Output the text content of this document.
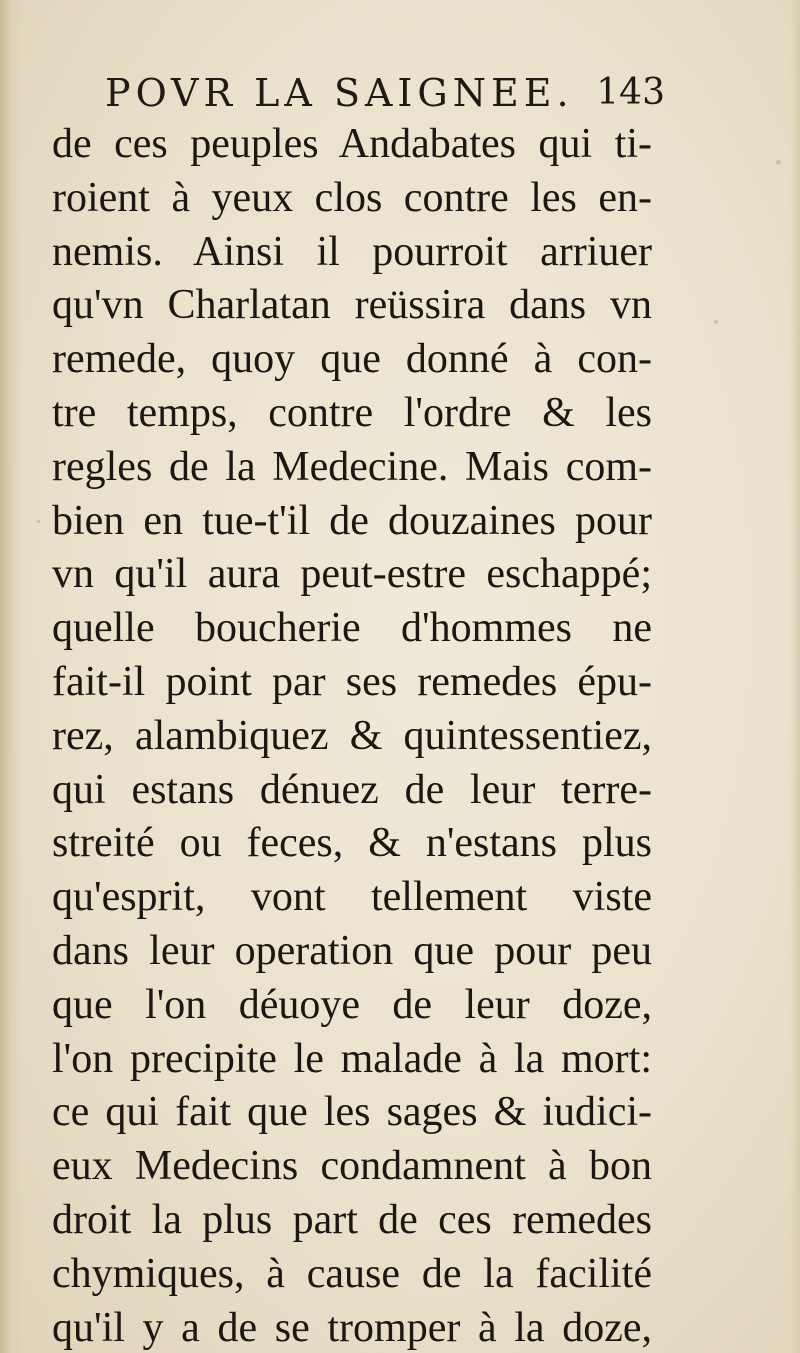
POVR LA SAIGNEE. 143
de ces peuples Andabates qui ti-
roient à yeux clos contre les en-
nemis. Ainsi il pourroit arriuer
qu'vn Charlatan reüssira dans vn
remede, quoy que donné à con-
tre temps, contre l'ordre & les
regles de la Medecine. Mais com-
bien en tue-t'il de douzaines pour
vn qu'il aura peut-estre eschappé;
quelle boucherie d'hommes ne
fait-il point par ses remedes épu-
rez, alambiquez & quintessentiez,
qui estans dénuez de leur terre-
streité ou feces, & n'estans plus
qu'esprit, vont tellement viste
dans leur operation que pour peu
que l'on déuoye de leur doze,
l'on precipite le malade à la mort:
ce qui fait que les sages & iudici-
eux Medecins condamnent à bon
droit la plus part de ces remedes
chymiques, à cause de la facilité
qu'il y a de se tromper à la doze,
